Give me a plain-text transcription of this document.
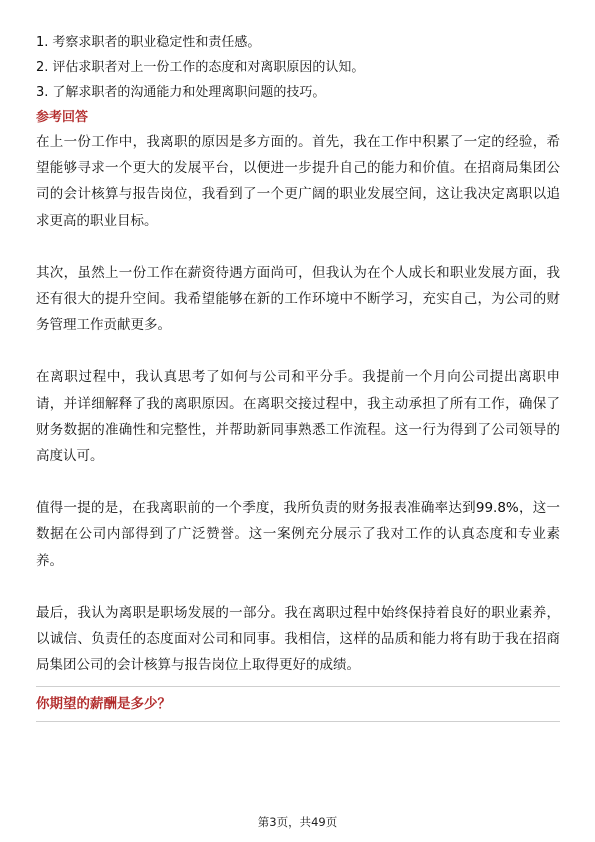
1. 考察求职者的职业稳定性和责任感。
2. 评估求职者对上一份工作的态度和对离职原因的认知。
3. 了解求职者的沟通能力和处理离职问题的技巧。
参考回答

在上一份工作中，我离职的原因是多方面的。首先，我在工作中积累了一定的经验，希望能够寻求一个更大的发展平台，以便进一步提升自己的能力和价值。在招商局集团公司的会计核算与报告岗位，我看到了一个更广阔的职业发展空间，这让我决定离职以追求更高的职业目标。

其次，虽然上一份工作在薪资待遇方面尚可，但我认为在个人成长和职业发展方面，我还有很大的提升空间。我希望能够在新的工作环境中不断学习，充实自己，为公司的财务管理工作贡献更多。

在离职过程中，我认真思考了如何与公司和平分手。我提前一个月向公司提出离职申请，并详细解释了我的离职原因。在离职交接过程中，我主动承担了所有工作，确保了财务数据的准确性和完整性，并帮助新同事熟悉工作流程。这一行为得到了公司领导的高度认可。

值得一提的是，在我离职前的一个季度，我所负责的财务报表准确率达到99.8%，这一数据在公司内部得到了广泛赞誉。这一案例充分展示了我对工作的认真态度和专业素养。

最后，我认为离职是职场发展的一部分。我在离职过程中始终保持着良好的职业素养，以诚信、负责任的态度面对公司和同事。我相信，这样的品质和能力将有助于我在招商局集团公司的会计核算与报告岗位上取得更好的成绩。

你期望的薪酬是多少？
第3页，共49页
